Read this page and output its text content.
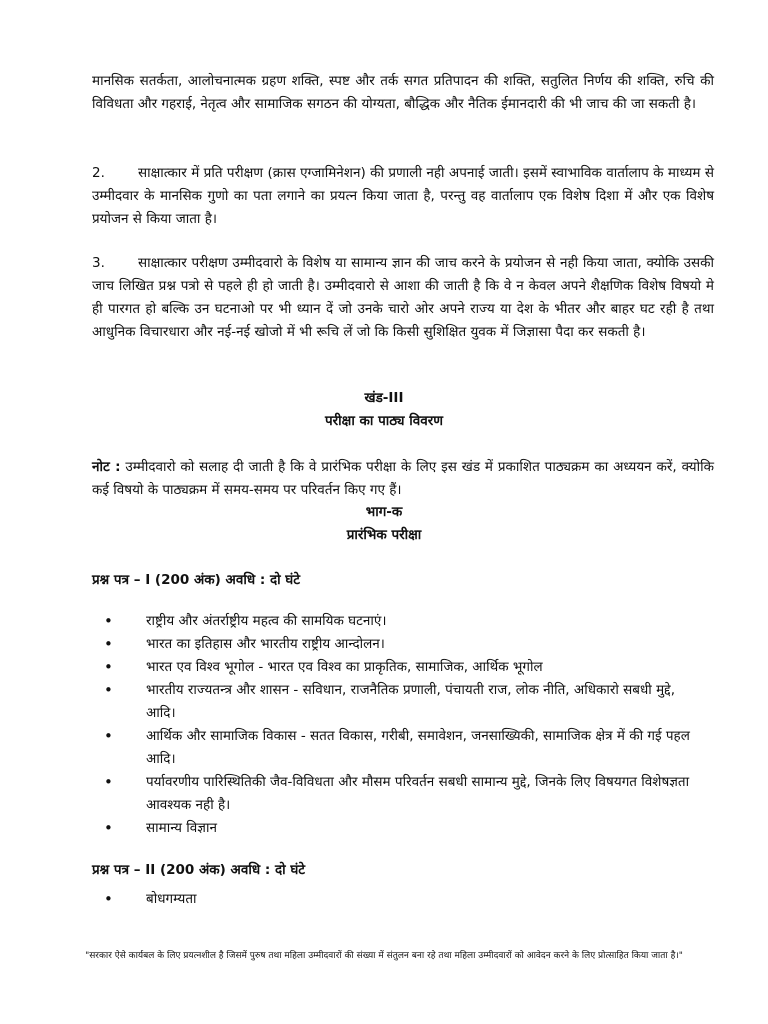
मानसिक सतर्कता, आलोचनात्मक ग्रहण शक्ति, स्पष्ट और तर्क सगत प्रतिपादन की शक्ति, सतुलित निर्णय की शक्ति, रुचि की विविधता और गहराई, नेतृत्व और सामाजिक सगठन की योग्यता, बौद्धिक और नैतिक ईमानदारी की भी जाच की जा सकती है।

2. साक्षात्कार में प्रति परीक्षण (क्रास एग्जामिनेशन) की प्रणाली नही अपनाई जाती। इसमें स्वाभाविक वार्तालाप के माध्यम से उम्मीदवार के मानसिक गुणो का पता लगाने का प्रयत्न किया जाता है, परन्तु वह वार्तालाप एक विशेष दिशा में और एक विशेष प्रयोजन से किया जाता है।

3. साक्षात्कार परीक्षण उम्मीदवारो के विशेष या सामान्य ज्ञान की जाच करने के प्रयोजन से नही किया जाता, क्योकि उसकी जाच लिखित प्रश्न पत्रो से पहले ही हो जाती है। उम्मीदवारो से आशा की जाती है कि वे न केवल अपने शैक्षणिक विशेष विषयो मे ही पारगत हो बल्कि उन घटनाओ पर भी ध्यान दें जो उनके चारो ओर अपने राज्य या देश के भीतर और बाहर घट रही है तथा आधुनिक विचारधारा और नई-नई खोजो में भी रूचि लें जो कि किसी सुशिक्षित युवक में जिज्ञासा पैदा कर सकती है।

खंड-III

परीक्षा का पाठ्य विवरण

नोट : उम्मीदवारो को सलाह दी जाती है कि वे प्रारंभिक परीक्षा के लिए इस खंड में प्रकाशित पाठ्यक्रम का अध्ययन करें, क्योकि कई विषयो के पाठ्यक्रम में समय-समय पर परिवर्तन किए गए हैं।

भाग-क

प्रारंभिक परीक्षा

प्रश्न पत्र – I (200 अंक) अवधि : दो घंटे

• राष्ट्रीय और अंतर्राष्ट्रीय महत्व की सामयिक घटनाएं।
• भारत का इतिहास और भारतीय राष्ट्रीय आन्दोलन।
• भारत एव विश्व भूगोल - भारत एव विश्व का प्राकृतिक, सामाजिक, आर्थिक भूगोल
• भारतीय राज्यतन्त्र और शासन - सविधान, राजनैतिक प्रणाली, पंचायती राज, लोक नीति, अधिकारो सबधी मुद्दे, आदि।
• आर्थिक और सामाजिक विकास - सतत विकास, गरीबी, समावेशन, जनसाख्यिकी, सामाजिक क्षेत्र में की गई पहल आदि।
• पर्यावरणीय पारिस्थितिकी जैव-विविधता और मौसम परिवर्तन सबधी सामान्य मुद्दे, जिनके लिए विषयगत विशेषज्ञता आवश्यक नही है।
• सामान्य विज्ञान

प्रश्न पत्र – II (200 अंक) अवधि : दो घंटे

• बोधगम्यता

"सरकार ऐसे कार्यबल के लिए प्रयत्नशील है जिसमें पुरुष तथा महिला उम्मीदवारों की संख्या में संतुलन बना रहे तथा महिला उम्मीदवारों को आवेदन करने के लिए प्रोत्साहित किया जाता है।"
